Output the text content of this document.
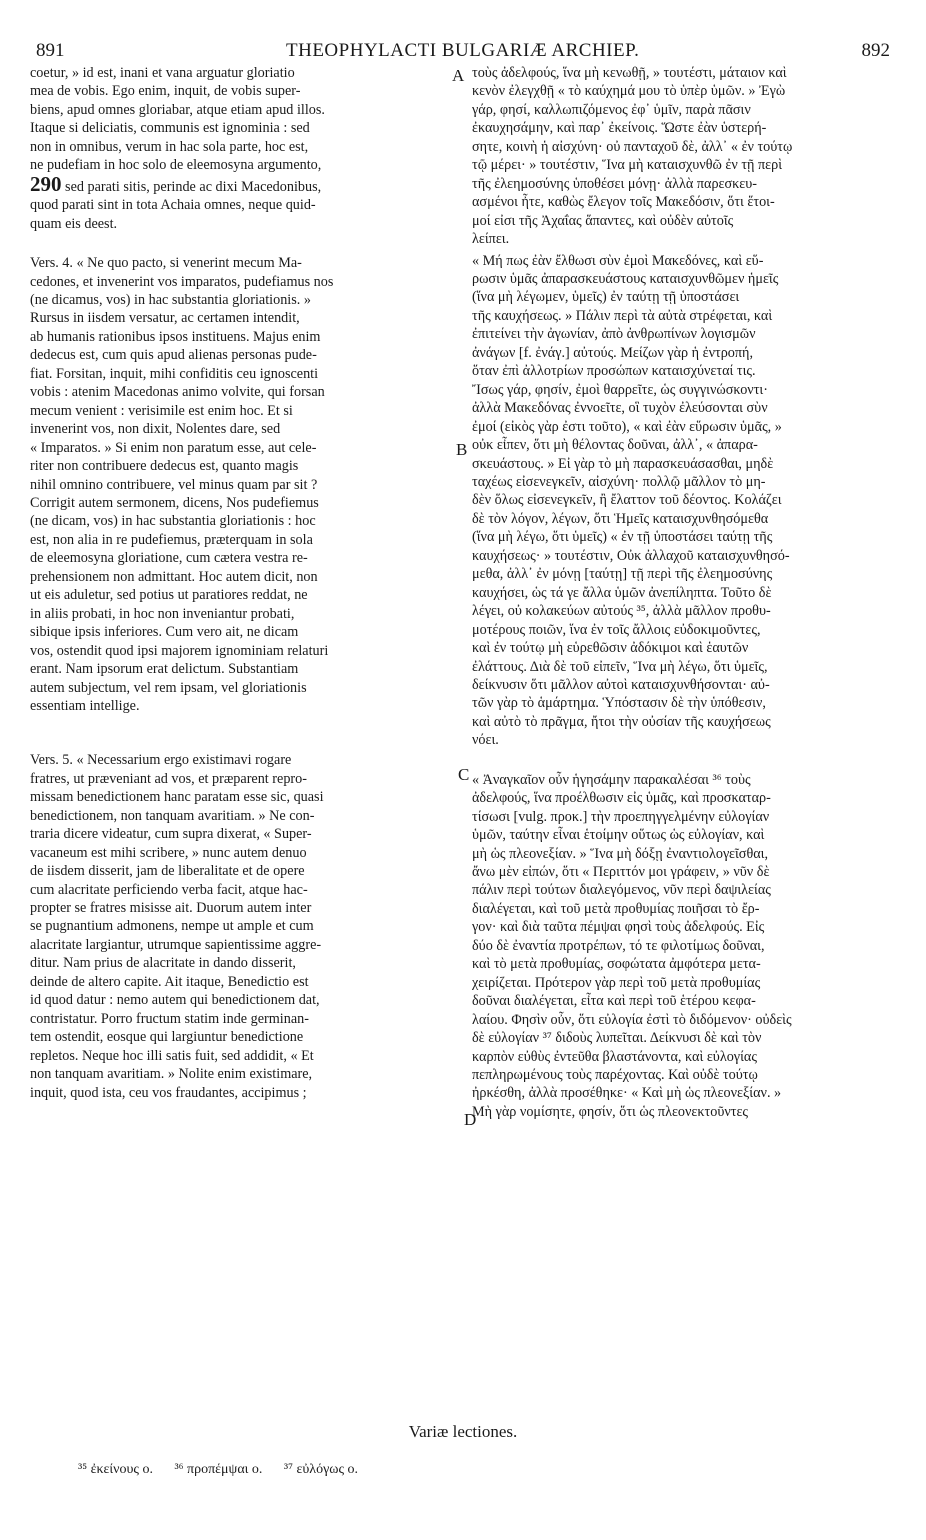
891	THEOPHYLACTI BULGARIÆ ARCHIEP.	892
coetur, » id est, inani et vana arguatur gloriatio
mea de vobis. Ego enim, inquit, de vobis super-
biens, apud omnes gloriabar, atque etiam apud illos.
Itaque si deliciatis, communis est ignominia : sed
non in omnibus, verum in hac sola parte, hoc est,
ne pudefiam in hoc solo de eleemosyna argumento,
290 sed parati sitis, perinde ac dixi Macedonibus,
quod parati sint in tota Achaia omnes, neque quid-
quam eis deest.
Vers. 4. « Ne quo pacto, si venerint mecum Ma-
cedones, et invenerint vos imparatos, pudefiamus nos
(ne dicamus, vos) in hac substantia gloriationis. »
Rursus in iisdem versatur, ac certamen intendit,
ab humanis rationibus ipsos instituens. Majus enim
dedecus est, cum quis apud alienas personas pude-
fiat. Forsitan, inquit, mihi confiditis ceu ignoscenti
vobis : atenim Macedonas animo volvite, qui forsan
mecum venient : verisimile est enim hoc. Et si
invenerint vos, non dixit, Nolentes dare, sed
« Imparatos. » Si enim non paratum esse, aut cele-
riter non contribuere dedecus est, quanto magis
nihil omnino contribuere, vel minus quam par sit ?
Corrigit autem sermonem, dicens, Nos pudefiemus
(ne dicam, vos) in hac substantia gloriationis : hoc
est, non alia in re pudefiemus, præterquam in sola
de eleemosyna gloriatione, cum cætera vestra re-
prehensionem non admittant. Hoc autem dicit, non
ut eis aduletur, sed potius ut paratiores reddat, ne
in aliis probati, in hoc non inveniantur probati,
sibique ipsis inferiores. Cum vero ait, ne dicam
vos, ostendit quod ipsi majorem ignominiam relaturi
erant. Nam ipsorum erat delictum. Substantiam
autem subjectum, vel rem ipsam, vel gloriationis
essentiam intellige.
Vers. 5. « Necessarium ergo existimavi rogare
fratres, ut præveniant ad vos, et præparent repro-
missam benedictionem hanc paratam esse sic, quasi
benedictionem, non tanquam avaritiam. » Ne con-
traria dicere videatur, cum supra dixerat, « Super-
vacaneum est mihi scribere, » nunc autem denuo
de iisdem disserit, jam de liberalitate et de opere
cum alacritate perficiendo verba facit, atque hac-
propter se fratres misisse ait. Duorum autem inter
se pugnantium admonens, nempe ut ample et cum
alacritate largiantur, utrumque sapientissime aggre-
ditur. Nam prius de alacritate in dando disserit,
deinde de altero capite. Ait itaque, Benedictio est
id quod datur : nemo autem qui benedictionem dat,
contristatur. Porro fructum statim inde germinan-
tem ostendit, eosque qui largiuntur benedictione
repletos. Neque hoc illi satis fuit, sed addidit, « Et
non tanquam avaritiam. » Nolite enim existimare,
inquit, quod ista, ceu vos fraudantes, accipimus ;
A
B
C
D
τοὺς ἀδελφούς, ἵνα μὴ κενωθῇ, » τουτέστι, μάταιον καὶ
κενὸν ἐλεγχθῇ « τὸ καύχημά μου τὸ ὑπὲρ ὑμῶν. » Ἐγὼ
γάρ, φησί, καλλωπιζόμενος ἐφ᾽ ὑμῖν, παρὰ πᾶσιν
ἐκαυχησάμην, καὶ παρ᾽ ἐκείνοις. Ὥστε ἐὰν ὑστερή-
σητε, κοινὴ ἡ αἰσχύνη· οὐ πανταχοῦ δὲ, ἀλλ᾽ « ἐν τούτῳ
τῷ μέρει· » τουτέστιν, Ἵνα μὴ καταισχυνθῶ ἐν τῇ περὶ
τῆς ἐλεημοσύνης ὑποθέσει μόνῃ· ἀλλὰ παρεσκευ-
ασμένοι ἦτε, καθὼς ἔλεγον τοῖς Μακεδόσιν, ὅτι ἕτοι-
μοί εἰσι τῆς Ἀχαΐας ἅπαντες, καὶ οὐδὲν αὐτοῖς
λείπει.
« Μή πως ἐὰν ἔλθωσι σὺν ἐμοὶ Μακεδόνες, καὶ εὕ-
ρωσιν ὑμᾶς ἀπαρασκευάστους καταισχυνθῶμεν ἡμεῖς
(ἵνα μὴ λέγωμεν, ὑμεῖς) ἐν ταύτῃ τῇ ὑποστάσει
τῆς καυχήσεως. » Πάλιν περὶ τὰ αὐτὰ στρέφεται, καὶ
ἐπιτείνει τὴν ἀγωνίαν, ἀπὸ ἀνθρωπίνων λογισμῶν
ἀνάγων [f. ἐνάγ.] αὐτούς. Μείζων γὰρ ἡ ἐντροπή,
ὅταν ἐπὶ ἀλλοτρίων προσώπων καταισχύνεταί τις.
Ἴσως γάρ, φησίν, ἐμοὶ θαρρεῖτε, ὡς συγγινώσκοντι·
ἀλλὰ Μακεδόνας ἐννοεῖτε, οἳ τυχὸν ἐλεύσονται σὺν
ἐμοί (εἰκὸς γὰρ ἐστι τοῦτο), « καὶ ἐὰν εὕρωσιν ὑμᾶς, »
οὐκ εἶπεν, ὅτι μὴ θέλοντας δοῦναι, ἀλλ᾽, « ἀπαρα-
σκευάστους. » Εἰ γὰρ τὸ μὴ παρασκευάσασθαι, μηδὲ
ταχέως εἰσενεγκεῖν, αἰσχύνη· πολλῷ μᾶλλον τὸ μη-
δὲν ὅλως εἰσενεγκεῖν, ἢ ἔλαττον τοῦ δέοντος. Κολάζει
δὲ τὸν λόγον, λέγων, ὅτι Ἡμεῖς καταισχυνθησόμεθα
(ἵνα μὴ λέγω, ὅτι ὑμεῖς) « ἐν τῇ ὑποστάσει ταύτῃ τῆς
καυχήσεως· » τουτέστιν, Οὐκ ἀλλαχοῦ καταισχυνθησό-
μεθα, ἀλλ᾽ ἐν μόνῃ [ταύτῃ] τῇ περὶ τῆς ἐλεημοσύνης
καυχήσει, ὡς τά γε ἄλλα ὑμῶν ἀνεπίληπτα. Τοῦτο δὲ
λέγει, οὐ κολακεύων αὐτούς ³⁵, ἀλλὰ μᾶλλον προθυ-
μοτέρους ποιῶν, ἵνα ἐν τοῖς ἄλλοις εὐδοκιμοῦντες,
καὶ ἐν τούτῳ μὴ εὑρεθῶσιν ἀδόκιμοι καὶ ἑαυτῶν
ἐλάττους. Διὰ δὲ τοῦ εἰπεῖν, Ἵνα μὴ λέγω, ὅτι ὑμεῖς,
δείκνυσιν ὅτι μᾶλλον αὐτοὶ καταισχυνθήσονται· αὐ-
τῶν γὰρ τὸ ἁμάρτημα. Ὑπόστασιν δὲ τὴν ὑπόθεσιν,
καὶ αὐτὸ τὸ πρᾶγμα, ἤτοι τὴν οὐσίαν τῆς καυχήσεως
νόει.
« Ἀναγκαῖον οὖν ἡγησάμην παρακαλέσαι ³⁶ τοὺς
ἀδελφούς, ἵνα προέλθωσιν εἰς ὑμᾶς, καὶ προσκαταρ-
τίσωσι [vulg. προκ.] τὴν προεπηγγελμένην εὐλογίαν
ὑμῶν, ταύτην εἶναι ἑτοίμην οὕτως ὡς εὐλογίαν, καὶ
μὴ ὡς πλεονεξίαν. » Ἵνα μὴ δόξῃ ἐναντιολογεῖσθαι,
ἄνω μὲν εἰπών, ὅτι « Περιττόν μοι γράφειν, » νῦν δὲ
πάλιν περὶ τούτων διαλεγόμενος, νῦν περὶ δαψιλείας
διαλέγεται, καὶ τοῦ μετὰ προθυμίας ποιῆσαι τὸ ἔρ-
γον· καὶ διὰ ταῦτα πέμψαι φησὶ τοὺς ἀδελφούς. Εἰς
δύο δὲ ἐναντία προτρέπων, τό τε φιλοτίμως δοῦναι,
καὶ τὸ μετὰ προθυμίας, σοφώτατα ἀμφότερα μετα-
χειρίζεται. Πρότερον γὰρ περὶ τοῦ μετὰ προθυμίας
δοῦναι διαλέγεται, εἶτα καὶ περὶ τοῦ ἑτέρου κεφα-
λαίου. Φησὶν οὖν, ὅτι εὐλογία ἐστὶ τὸ διδόμενον· οὐδεὶς
δὲ εὐλογίαν ³⁷ διδοὺς λυπεῖται. Δείκνυσι δὲ καὶ τὸν
καρπὸν εὐθὺς ἐντεῦθα βλαστάνοντα, καὶ εὐλογίας
πεπληρωμένους τοὺς παρέχοντας. Καὶ οὐδὲ τούτῳ
ἠρκέσθη, ἀλλὰ προσέθηκε· « Καὶ μὴ ὡς πλεονεξίαν. »
Μὴ γὰρ νομίσητε, φησίν, ὅτι ὡς πλεονεκτοῦντες
Variæ lectiones.
³⁵ ἐκείνους ο. ³⁶ προπέμψαι ο. ³⁷ εὐλόγως ο.
